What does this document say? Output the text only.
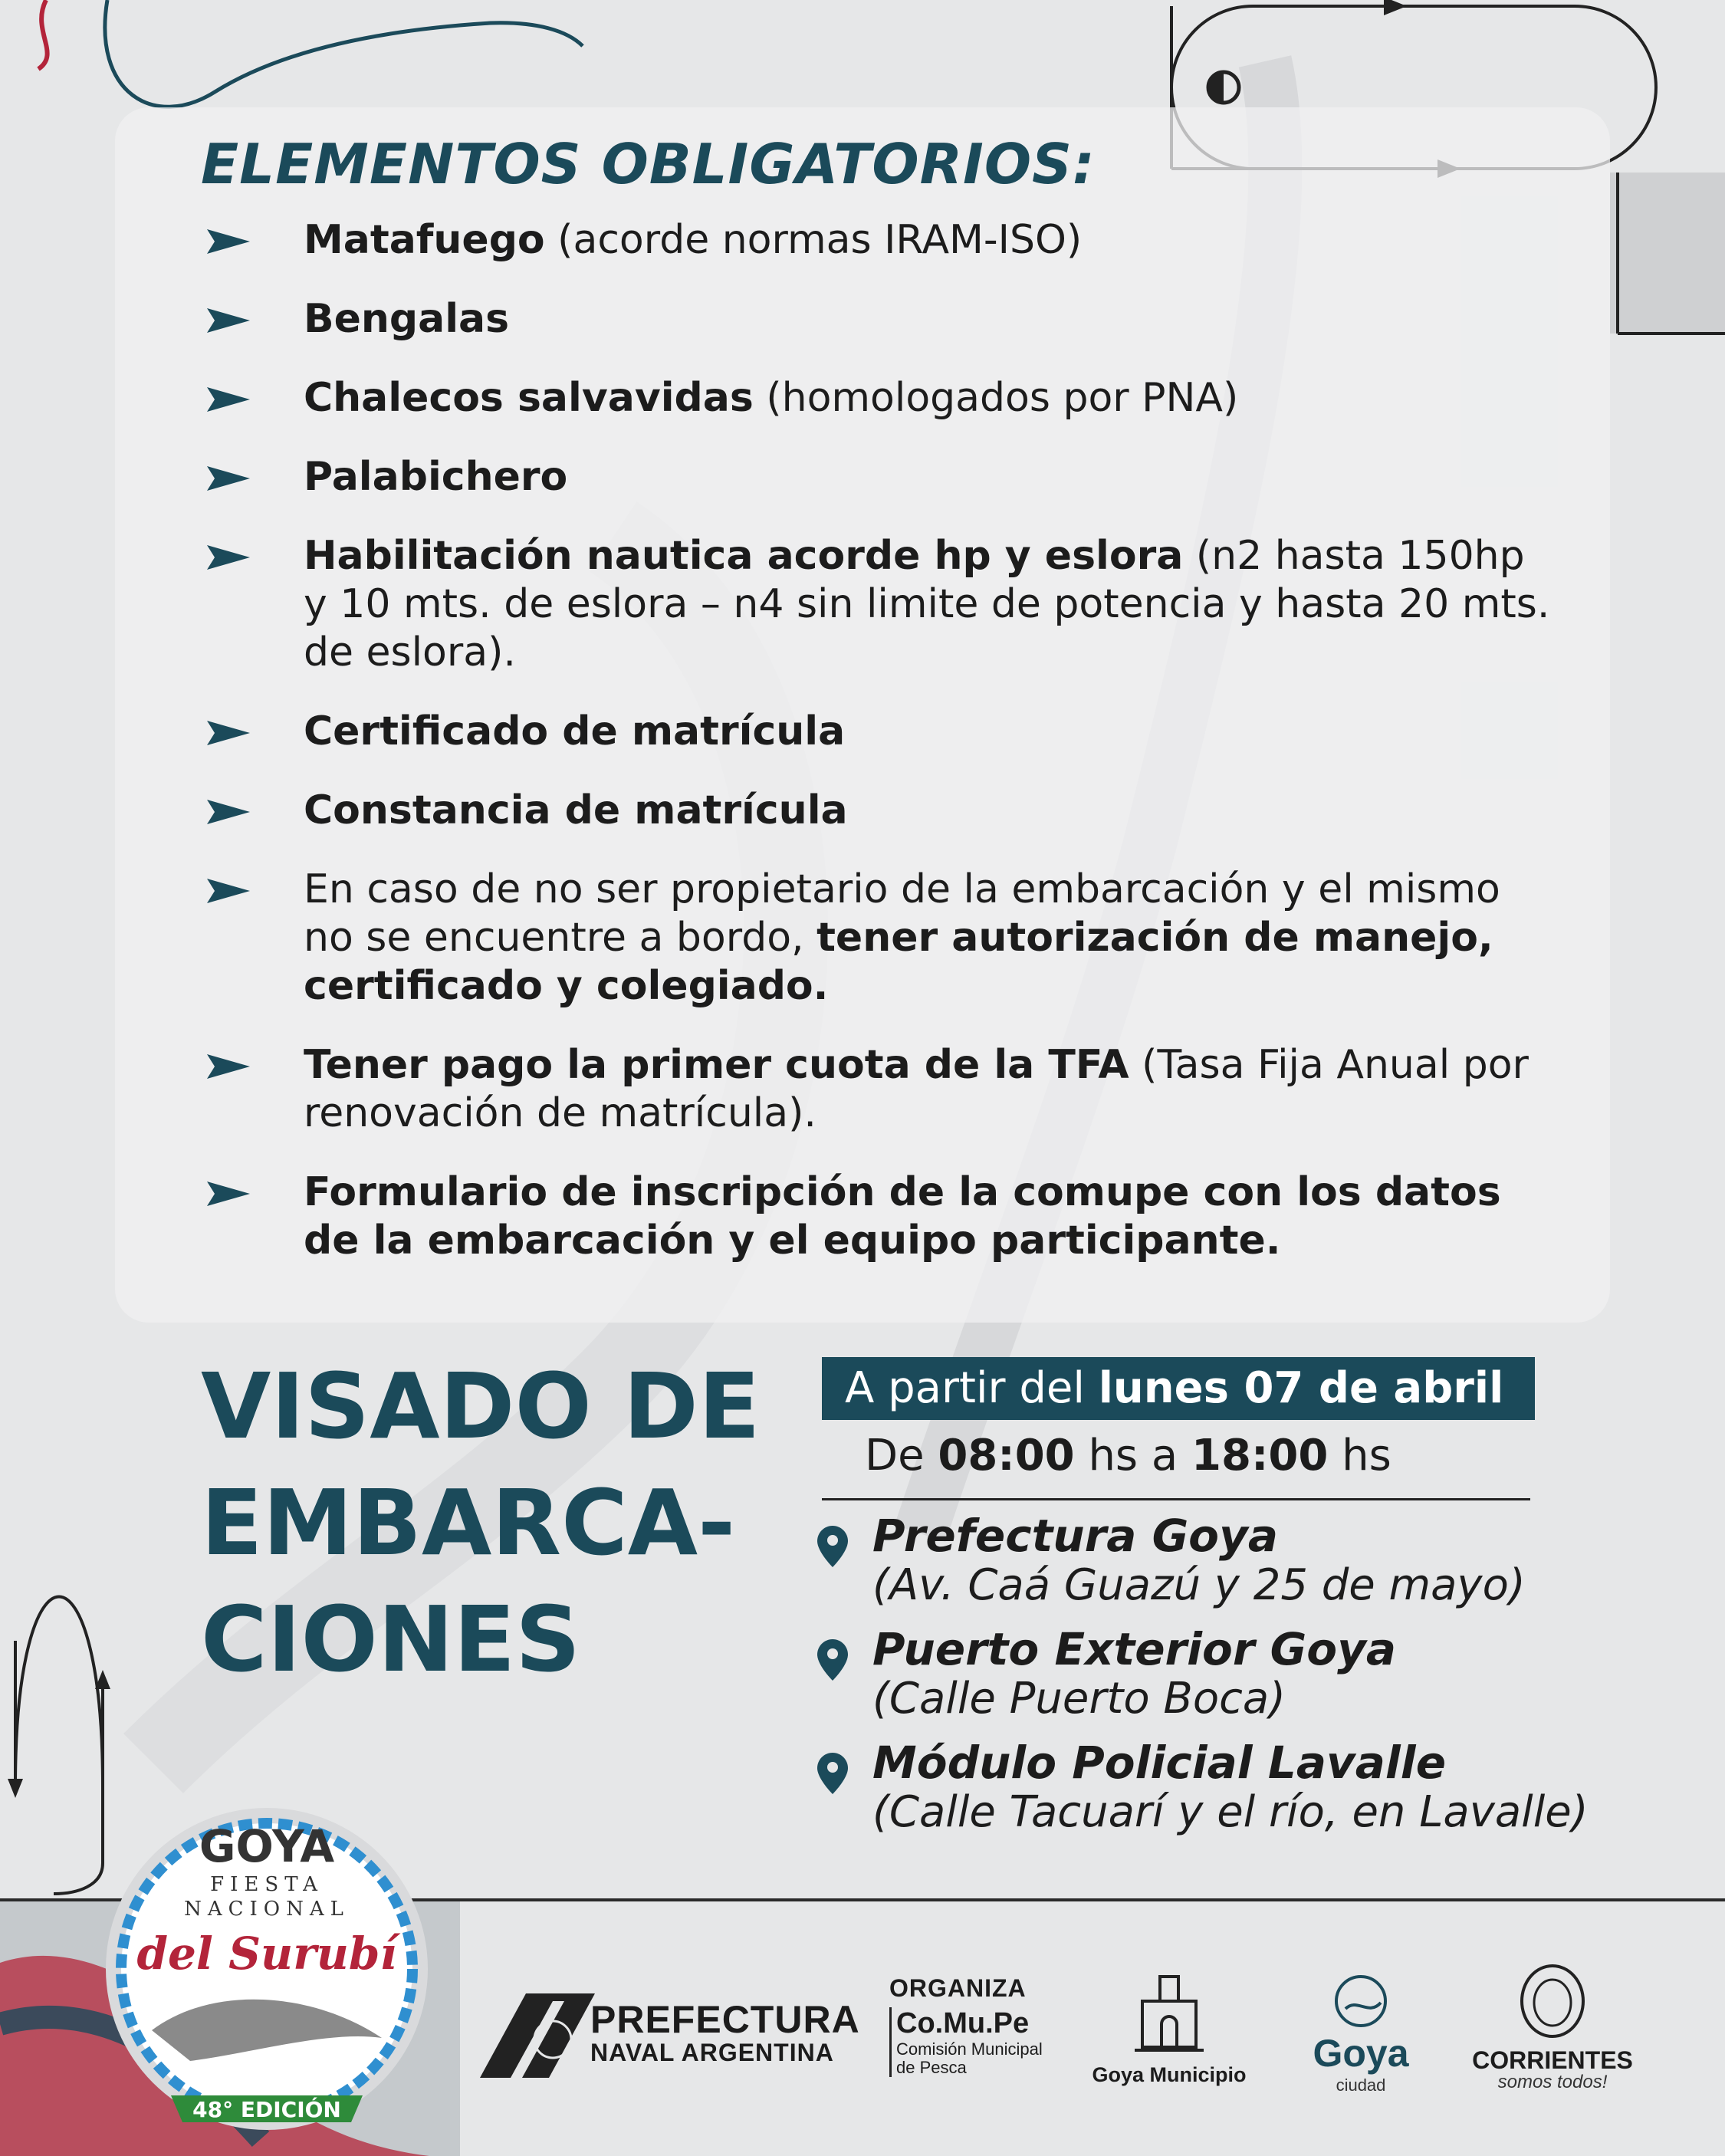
ELEMENTOS OBLIGATORIOS:
Matafuego (acorde normas IRAM-ISO)
Bengalas
Chalecos salvavidas (homologados por PNA)
Palabichero
Habilitación nautica acorde hp y eslora (n2 hasta 150hp y 10 mts. de eslora – n4 sin limite de potencia y hasta 20 mts. de eslora).
Certificado de matrícula
Constancia de matrícula
En caso de no ser propietario de la embarcación y el mismo no se encuentre a bordo, tener autorización de manejo, certificado y colegiado.
Tener pago la primer cuota de la TFA (Tasa Fija Anual por renovación de matrícula).
Formulario de inscripción de la comupe con los datos de la embarcación y el equipo participante.
VISADO DE
EMBARCA-
CIONES
A partir del lunes 07 de abril
De 08:00 hs a 18:00 hs
Prefectura Goya
(Av. Caá Guazú y 25 de mayo)
Puerto Exterior Goya
(Calle Puerto Boca)
Módulo Policial Lavalle
(Calle Tacuarí y el río, en Lavalle)
GOYA
FIESTA
NACIONAL
del Surubí
48° EDICIÓN
PREFECTURA
NAVAL ARGENTINA
ORGANIZA
Co.Mu.Pe
Comisión Municipal de Pesca	Goya Municipio Goya
ciudad
CORRIENTES
somos todos!
